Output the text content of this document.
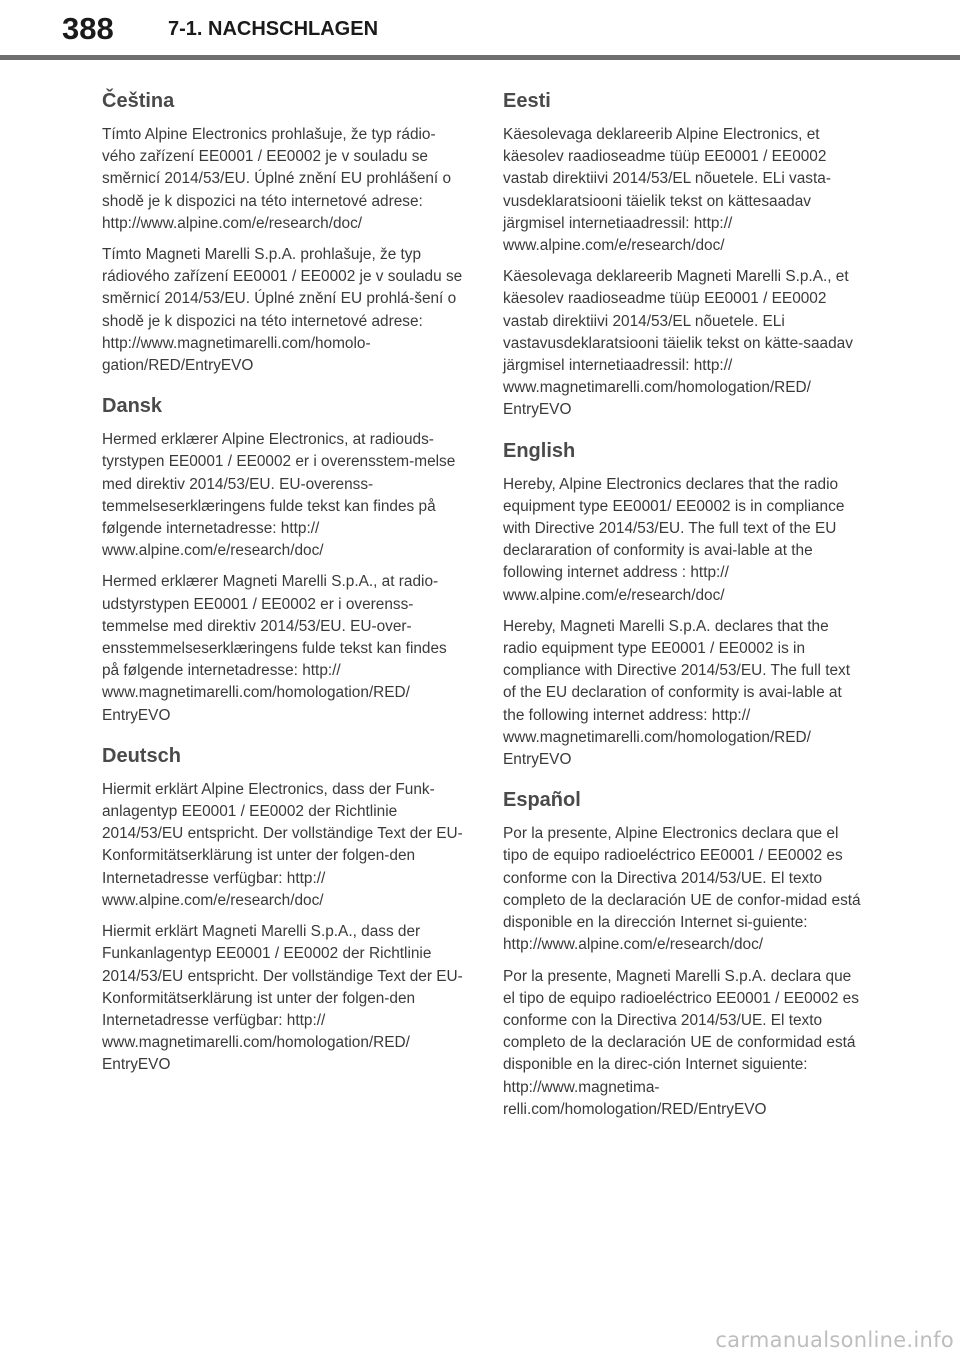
388	7-1. NACHSCHLAGEN
Čeština

Tímto Alpine Electronics prohlašuje, že typ rádio-​vého zařízení EE0001 / EE0002 je v souladu se směrnicí 2014/53/EU. Úplné znění EU prohlášení o shodě je k dispozici na této internetové adrese: http://www.alpine.com/e/research/doc/

Tímto Magneti Marelli S.p.A. prohlašuje, že typ rádiového zařízení EE0001 / EE0002 je v souladu se směrnicí 2014/53/EU. Úplné znění EU prohlá-​šení o shodě je k dispozici na této internetové adrese: http://www.magnetimarelli.com/homolo-​gation/RED/EntryEVO

Dansk

Hermed erklærer Alpine Electronics, at radiouds-​tyrstypen EE0001 / EE0002 er i overensstem-​melse med direktiv 2014/53/EU. EU-overenss-​temmelseserklæringens fulde tekst kan findes på følgende internetadresse: http:// www.alpine.com/e/research/doc/

Hermed erklærer Magneti Marelli S.p.A., at radio-​udstyrstypen EE0001 / EE0002 er i overenss-​temmelse med direktiv 2014/53/EU. EU-over-​ensstemmelseserklæringens fulde tekst kan findes på følgende internetadresse: http:// www.magnetimarelli.com/homologation/RED/ EntryEVO

Deutsch

Hiermit erklärt Alpine Electronics, dass der Funk-​anlagentyp EE0001 / EE0002 der Richtlinie 2014/53/EU entspricht. Der vollständige Text der EU-Konformitätserklärung ist unter der folgen-​den Internetadresse verfügbar: http:// www.alpine.com/e/research/doc/

Hiermit erklärt Magneti Marelli S.p.A., dass der Funkanlagentyp EE0001 / EE0002 der Richtlinie 2014/53/EU entspricht. Der vollständige Text der EU-Konformitätserklärung ist unter der folgen-​den Internetadresse verfügbar: http:// www.magnetimarelli.com/homologation/RED/ EntryEVO

Eesti

Käesolevaga deklareerib Alpine Electronics, et käesolev raadioseadme tüüp EE0001 / EE0002 vastab direktiivi 2014/53/EL nõuetele. ELi vasta-​vusdeklaratsiooni täielik tekst on kättesaadav järgmisel internetiaadressil: http:// www.alpine.com/e/research/doc/

Käesolevaga deklareerib Magneti Marelli S.p.A., et käesolev raadioseadme tüüp EE0001 / EE0002 vastab direktiivi 2014/53/EL nõuetele. ELi vastavusdeklaratsiooni täielik tekst on kätte-​saadav järgmisel internetiaadressil: http:// www.magnetimarelli.com/homologation/RED/ EntryEVO

English

Hereby, Alpine Electronics declares that the radio equipment type EE0001/ EE0002 is in compliance with Directive 2014/53/EU. The full text of the EU declararation of conformity is avai-​lable at the following internet address : http:// www.alpine.com/e/research/doc/

Hereby, Magneti Marelli S.p.A. declares that the radio equipment type EE0001 / EE0002 is in compliance with Directive 2014/53/EU. The full text of the EU declaration of conformity is avai-​lable at the following internet address: http:// www.magnetimarelli.com/homologation/RED/ EntryEVO

Español

Por la presente, Alpine Electronics declara que el tipo de equipo radioeléctrico EE0001 / EE0002 es conforme con la Directiva 2014/53/UE. El texto completo de la declaración UE de confor-​midad está disponible en la dirección Internet si-​guiente: http://www.alpine.com/e/research/doc/

Por la presente, Magneti Marelli S.p.A. declara que el tipo de equipo radioeléctrico EE0001 / EE0002 es conforme con la Directiva 2014/53/UE. El texto completo de la declaración UE de conformidad está disponible en la direc-​ción Internet siguiente: http://www.magnetima-​relli.com/homologation/RED/EntryEVO

carmanualsonline.info
